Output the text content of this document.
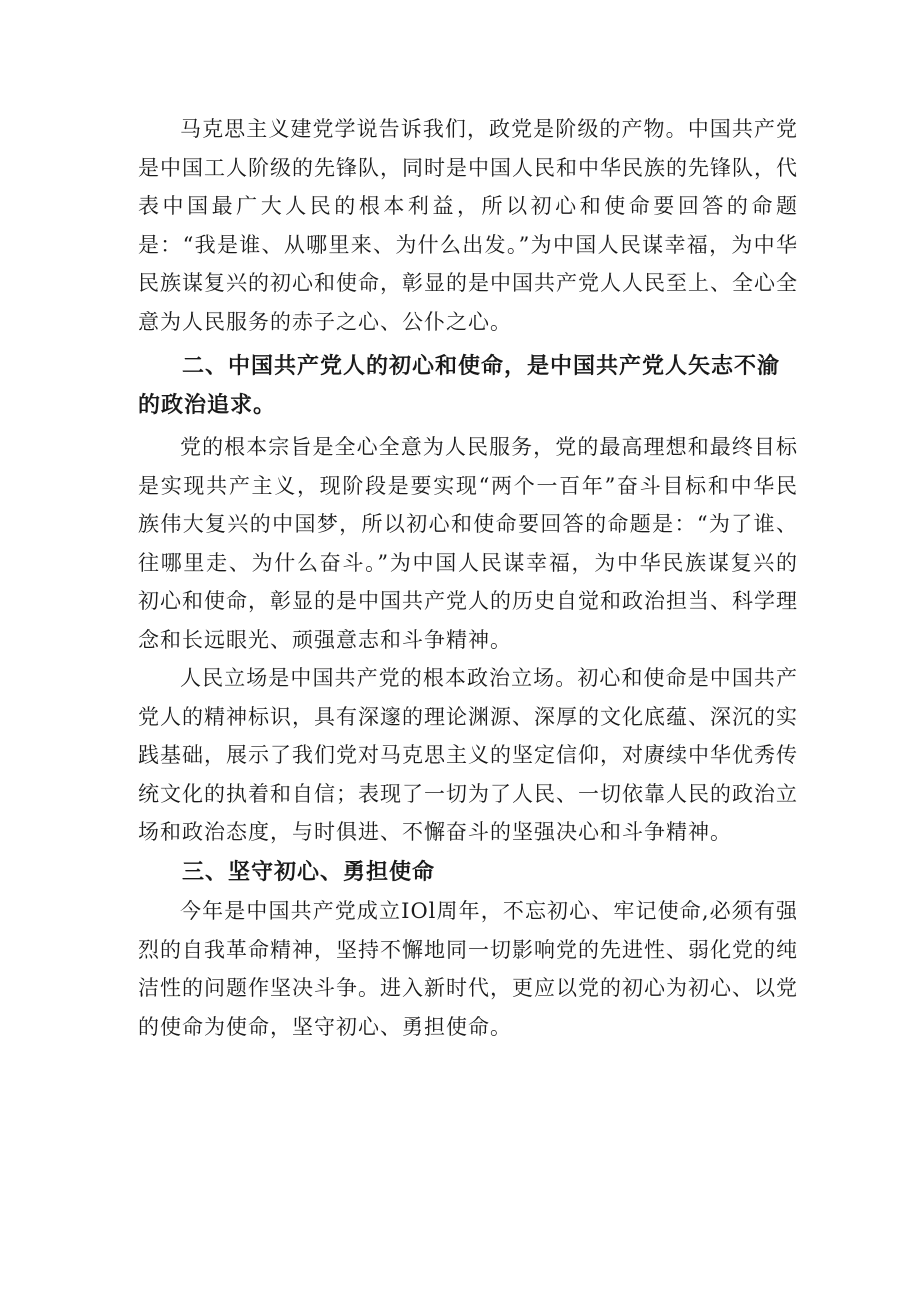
马克思主义建党学说告诉我们，政党是阶级的产物。中国共产党是中国工人阶级的先锋队，同时是中国人民和中华民族的先锋队，代表中国最广大人民的根本利益，所以初心和使命要回答的命题是：“我是谁、从哪里来、为什么出发。”为中国人民谋幸福，为中华民族谋复兴的初心和使命，彰显的是中国共产党人人民至上、全心全意为人民服务的赤子之心、公仆之心。

二、中国共产党人的初心和使命，是中国共产党人矢志不渝的政治追求。

党的根本宗旨是全心全意为人民服务，党的最高理想和最终目标是实现共产主义，现阶段是要实现“两个一百年”奋斗目标和中华民族伟大复兴的中国梦，所以初心和使命要回答的命题是：“为了谁、往哪里走、为什么奋斗。”为中国人民谋幸福，为中华民族谋复兴的初心和使命，彰显的是中国共产党人的历史自觉和政治担当、科学理念和长远眼光、顽强意志和斗争精神。

人民立场是中国共产党的根本政治立场。初心和使命是中国共产党人的精神标识，具有深邃的理论渊源、深厚的文化底蕴、深沉的实践基础，展示了我们党对马克思主义的坚定信仰，对赓续中华优秀传统文化的执着和自信；表现了一切为了人民、一切依靠人民的政治立场和政治态度，与时俱进、不懈奋斗的坚强决心和斗争精神。

三、坚守初心、勇担使命

今年是中国共产党成立IOl周年，不忘初心、牢记使命,必须有强烈的自我革命精神，坚持不懈地同一切影响党的先进性、弱化党的纯洁性的问题作坚决斗争。进入新时代，更应以党的初心为初心、以党的使命为使命，坚守初心、勇担使命。
